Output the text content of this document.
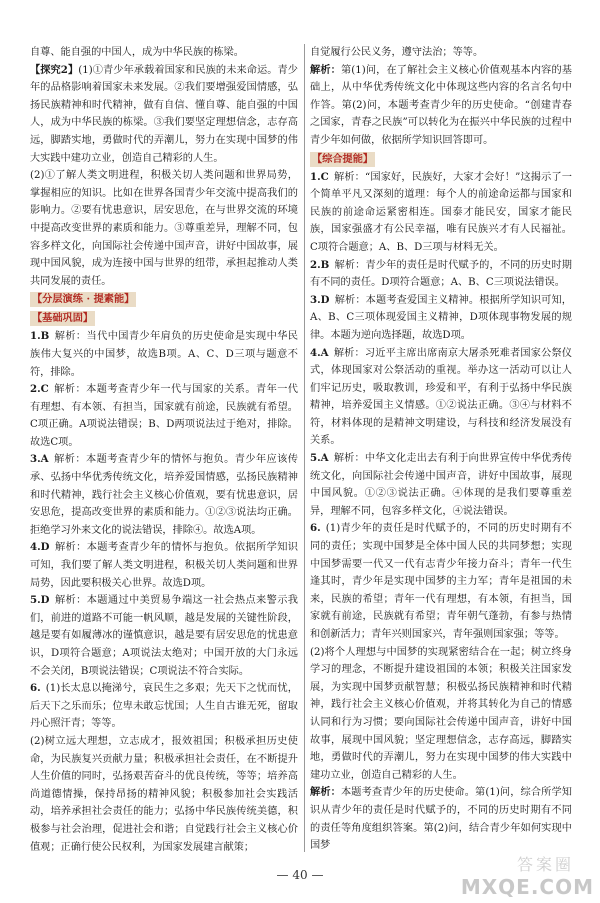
自尊、能自强的中国人，成为中华民族的栋梁。

【探究2】(1)①青少年承载着国家和民族的未来命运。青少年的品格影响着国家未来发展。②我们要增强爱国情感，弘扬民族精神和时代精神，做有自信、懂自尊、能自强的中国人，成为中华民族的栋梁。③我们要坚定理想信念，志存高远，脚踏实地，勇做时代的弄潮儿，努力在实现中国梦的伟大实践中建功立业，创造自己精彩的人生。

(2)①了解人类文明进程，积极关切人类问题和世界局势，掌握相应的知识。比如在世界各国青少年交流中提高我们的影响力。②要有忧患意识，居安思危，在与世界交流的环境中提高改变世界的素质和能力。③尊重差异，理解不同，包容多样文化，向国际社会传递中国声音，讲好中国故事，展现中国风貌，成为连接中国与世界的纽带，承担起推动人类共同发展的责任。

【分层演练 · 提素能】
【基础巩固】

1.B  解析：当代中国青少年肩负的历史使命是实现中华民族伟大复兴的中国梦，故选B项。A、C、D三项与题意不符，排除。

2.C  解析：本题考查青少年一代与国家的关系。青年一代有理想、有本领、有担当，国家就有前途，民族就有希望。C项正确。A项说法错误；B、D两项说法过于绝对，排除。故选C项。

3.A  解析：本题考查青少年的情怀与抱负。青少年应该传承、弘扬中华优秀传统文化，培养爱国情感，弘扬民族精神和时代精神，践行社会主义核心价值观，要有忧患意识，居安思危，提高改变世界的素质和能力。①②③说法均正确。拒绝学习外来文化的说法错误，排除④。故选A项。

4.D  解析：本题考查青少年的情怀与抱负。依据所学知识可知，我们要了解人类文明进程，积极关切人类问题和世界局势，因此要积极关心世界。故选D项。

5.D  解析：本题通过中美贸易争端这一社会热点来警示我们，前进的道路不可能一帆风顺，越是发展的关键性阶段，越是要有如履薄冰的谨慎意识，越是要有居安思危的忧患意识，D项符合题意；A项说法太绝对；中国开放的大门永远不会关闭，B项说法错误；C项说法不符合实际。

6.  (1)长太息以掩涕兮，哀民生之多艰；先天下之忧而忧，后天下之乐而乐；位卑未敢忘忧国；人生自古谁无死，留取丹心照汗青；等等。

(2)树立远大理想，立志成才，报效祖国；积极承担历史使命，为民族复兴贡献力量；积极承担社会责任，在不断提升人生价值的同时，弘扬艰苦奋斗的优良传统，等等；培养高尚道德情操，保持昂扬的精神风貌；积极参加社会实践活动，培养承担社会责任的能力；弘扬中华民族传统美德，积极参与社会治理，促进社会和谐；自觉践行社会主义核心价值观；正确行使公民权利，为国家发展建言献策；

自觉履行公民义务，遵守法治；等等。

解析：第(1)问，在了解社会主义核心价值观基本内容的基础上，从中华优秀传统文化中体现这些内容的名言名句中作答。第(2)问，本题考查青少年的历史使命。“创建青春之国家，青春之民族”可以转化为在振兴中华民族的过程中青少年如何做，依据所学知识回答即可。

【综合提能】

1.C  解析：“国家好，民族好，大家才会好！”这揭示了一个简单平凡又深刻的道理：每个人的前途命运都与国家和民族的前途命运紧密相连。国泰才能民安，国家才能民族，国家强盛才有公民幸福，唯有民族兴才有人民福祉。C项符合题意；A、B、D三项与材料无关。

2.B  解析：青少年的责任是时代赋予的，不同的历史时期有不同的责任。D项符合题意；A、B、C三项说法错误。

3.D  解析：本题考查爱国主义精神。根据所学知识可知，A、B、C三项体现爱国主义精神，D项体现事物发展的规律。本题为逆向选择题，故选D项。

4.A  解析：习近平主席出席南京大屠杀死难者国家公祭仪式，体现国家对公祭活动的重视。举办这一活动可以让人们牢记历史，吸取教训，珍爱和平，有利于弘扬中华民族精神，培养爱国主义情感。①②说法正确。③④与材料不符，材料体现的是精神文明建设，与科技和经济发展没有关系。

5.A  解析：中华文化走出去有利于向世界宣传中华优秀传统文化，向国际社会传递中国声音，讲好中国故事，展现中国风貌。①②③说法正确。④体现的是我们要尊重差异，理解不同，包容多样文化，④说法错误。

6.  (1)青少年的责任是时代赋予的，不同的历史时期有不同的责任；实现中国梦是全体中国人民的共同梦想；实现中国梦需要一代又一代有志青少年接力奋斗；青年一代生逢其时，青少年是实现中国梦的主力军；青年是祖国的未来，民族的希望；青年一代有理想，有本领，有担当，国家就有前途，民族就有希望；青年朝气蓬勃，有参与热情和创新活力；青年兴则国家兴，青年强则国家强；等等。

(2)将个人理想与中国梦的实现紧密结合在一起；树立终身学习的理念，不断提升建设祖国的本领；积极关注国家发展，为实现中国梦贡献智慧；积极弘扬民族精神和时代精神，践行社会主义核心价值观，并将其转化为自己的情感认同和行为习惯；要向国际社会传递中国声音，讲好中国故事，展现中国风貌；坚定理想信念，志存高远，脚踏实地，勇做时代的弄潮儿，努力在实现中国梦的伟大实践中建功立业，创造自己精彩的人生。

解析：本题考查青少年的历史使命。第(1)问，综合所学知识从青少年的责任是时代赋予的，不同的历史时期有不同的责任等角度组织答案。第(2)问，结合青少年如何实现中国梦

— 40 —
答案圈
MXQE.COM
